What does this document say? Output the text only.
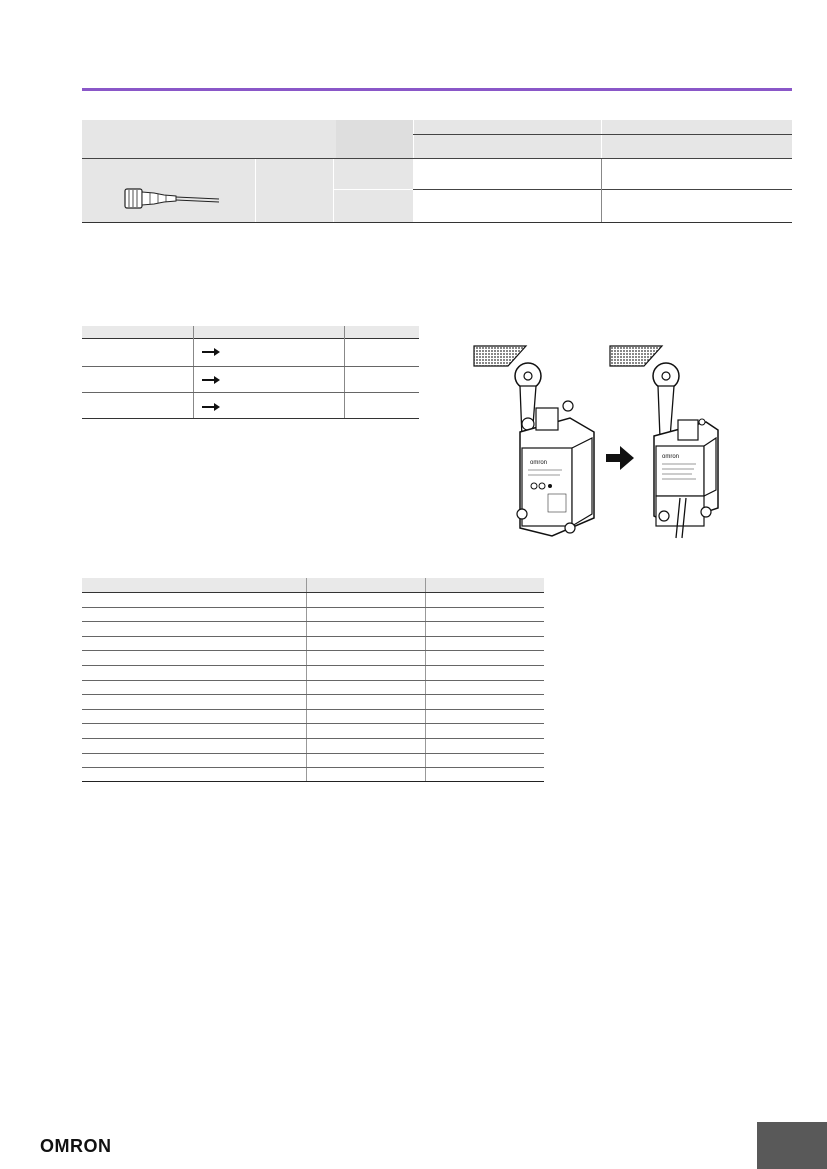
omron
omron
OMRON
